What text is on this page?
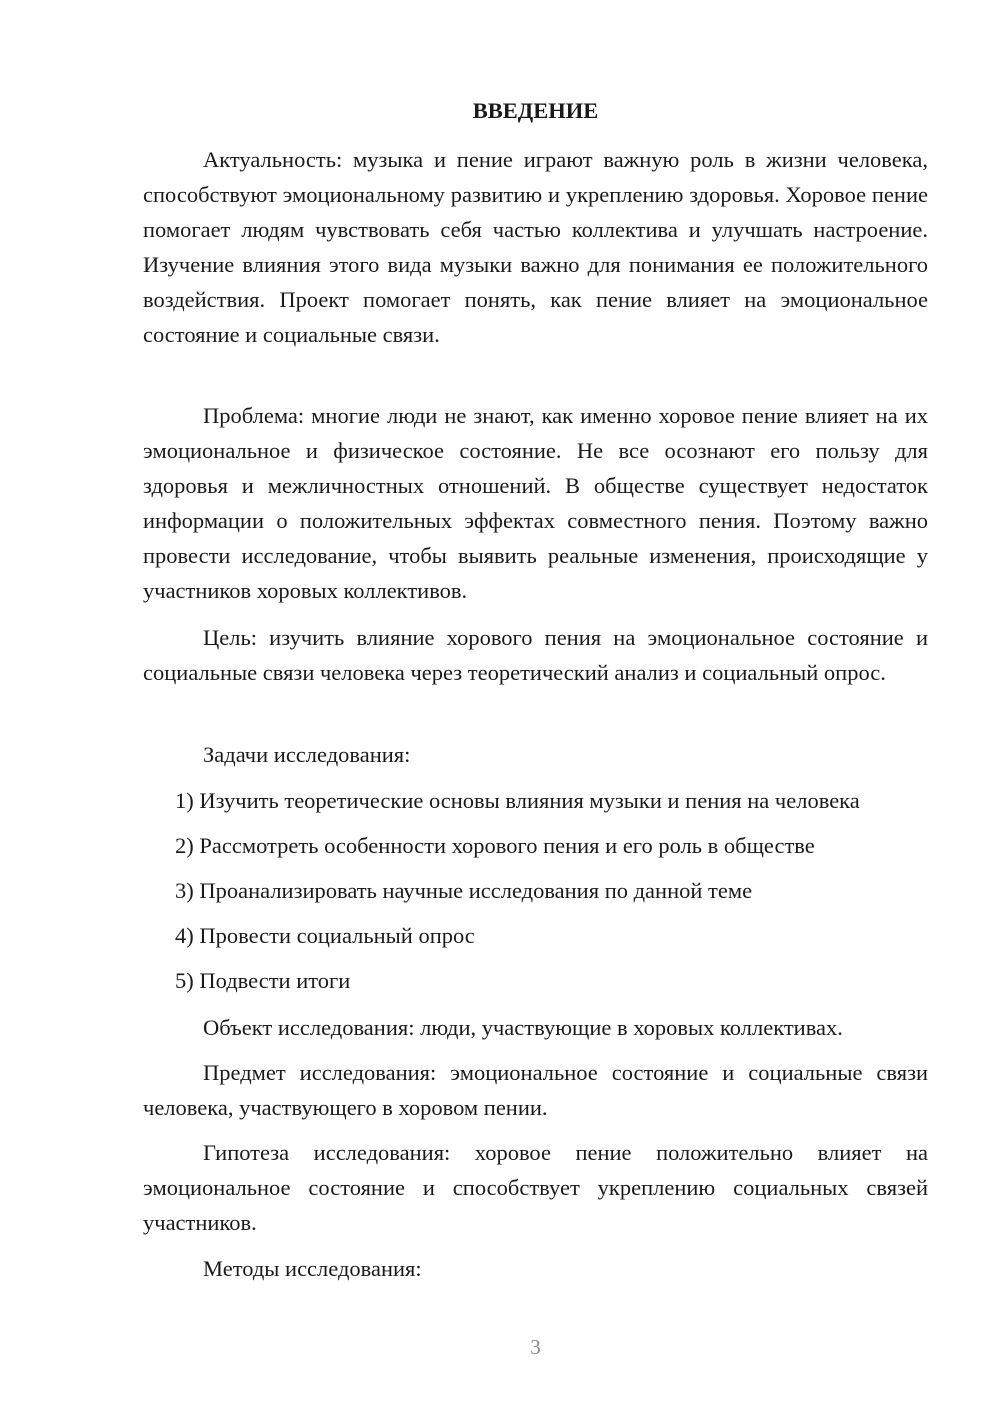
ВВЕДЕНИЕ

Актуальность: музыка и пение играют важную роль в жизни человека, способствуют эмоциональному развитию и укреплению здоровья. Хоровое пение помогает людям чувствовать себя частью коллектива и улучшать настроение. Изучение влияния этого вида музыки важно для понимания ее положительного воздействия. Проект помогает понять, как пение влияет на эмоциональное состояние и социальные связи.

Проблема: многие люди не знают, как именно хоровое пение влияет на их эмоциональное и физическое состояние. Не все осознают его пользу для здоровья и межличностных отношений. В обществе существует недостаток информации о положительных эффектах совместного пения. Поэтому важно провести исследование, чтобы выявить реальные изменения, происходящие у участников хоровых коллективов.

Цель: изучить влияние хорового пения на эмоциональное состояние и социальные связи человека через теоретический анализ и социальный опрос.

Задачи исследования:

1) Изучить теоретические основы влияния музыки и пения на человека

2) Рассмотреть особенности хорового пения и его роль в обществе

3) Проанализировать научные исследования по данной теме

4) Провести социальный опрос

5) Подвести итоги

Объект исследования: люди, участвующие в хоровых коллективах.

Предмет исследования: эмоциональное состояние и социальные связи человека, участвующего в хоровом пении.

Гипотеза исследования: хоровое пение положительно влияет на эмоциональное состояние и способствует укреплению социальных связей участников.

Методы исследования:

3
